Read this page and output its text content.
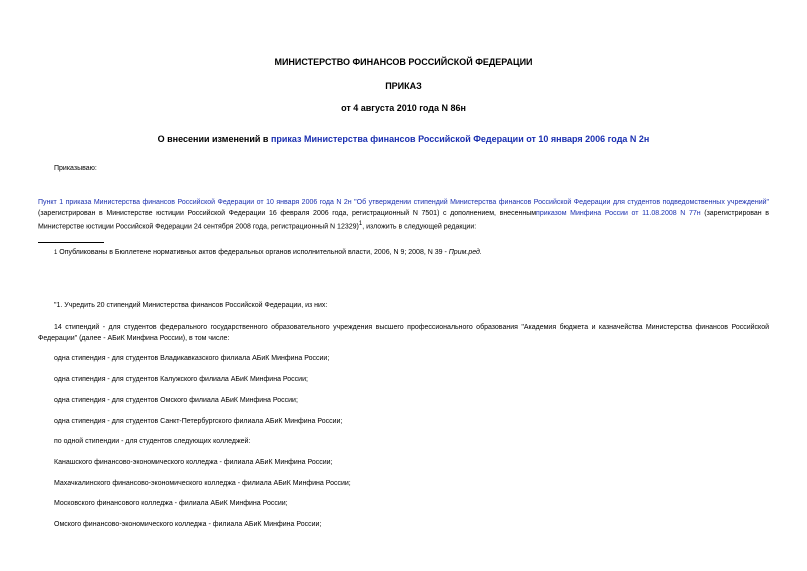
МИНИСТЕРСТВО ФИНАНСОВ РОССИЙСКОЙ ФЕДЕРАЦИИ
ПРИКАЗ
от 4 августа 2010 года N 86н
О внесении изменений в приказ Министерства финансов Российской Федерации от 10 января 2006 года N 2н
Приказываю:
Пункт 1 приказа Министерства финансов Российской Федерации от 10 января 2006 года N 2н "Об утверждении стипендий Министерства финансов Российской Федерации для студентов подведомственных учреждений" (зарегистрирован в Министерстве юстиции Российской Федерации 16 февраля 2006 года, регистрационный N 7501) с дополнением, внесеннымприказом Минфина России от 11.08.2008 N 77н (зарегистрирован в Министерстве юстиции Российской Федерации 24 сентября 2008 года, регистрационный N 12329)$^1$, изложить в следующей редакции:
1 Опубликованы в Бюллетене нормативных актов федеральных органов исполнительной власти, 2006, N 9; 2008, N 39 - Прим.ред.
"1. Учредить 20 стипендий Министерства финансов Российской Федерации, из них:
14 стипендий - для студентов федерального государственного образовательного учреждения высшего профессионального образования "Академия бюджета и казначейства Министерства финансов Российской Федерации" (далее - АБиК Минфина России), в том числе:
одна стипендия - для студентов Владикавказского филиала АБиК Минфина России;
одна стипендия - для студентов Калужского филиала АБиК Минфина России;
одна стипендия - для студентов Омского филиала АБиК Минфина России;
одна стипендия - для студентов Санкт-Петербургского филиала АБиК Минфина России;
по одной стипендии - для студентов следующих колледжей:
Канашского финансово-экономического колледжа - филиала АБиК Минфина России;
Махачкалинского финансово-экономического колледжа - филиала АБиК Минфина России;
Московского финансового колледжа - филиала АБиК Минфина России;
Омского финансово-экономического колледжа - филиала АБиК Минфина России;
